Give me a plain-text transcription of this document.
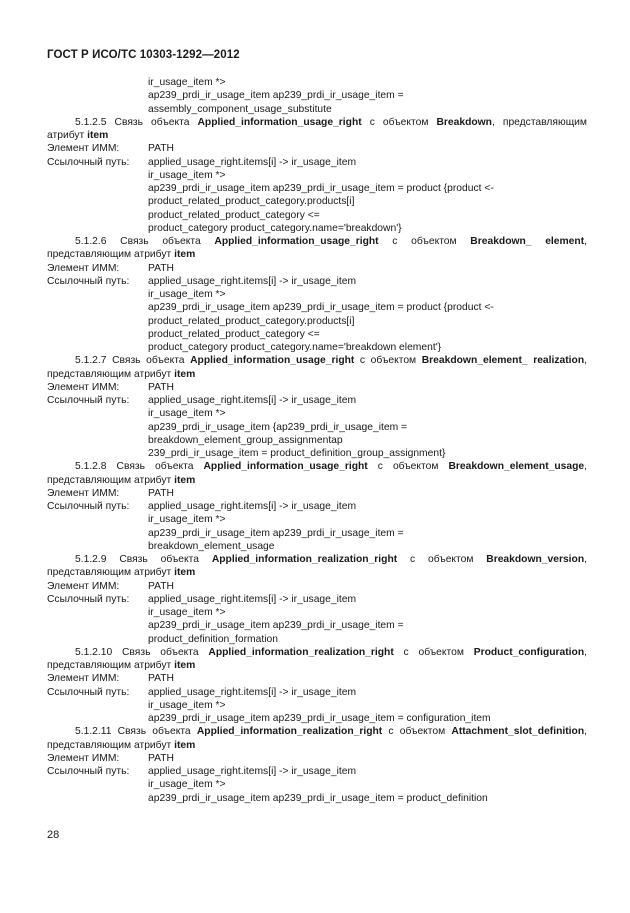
ГОСТ Р ИСО/ТС 10303-1292—2012
ir_usage_item *>
ap239_prdi_ir_usage_item ap239_prdi_ir_usage_item =
assembly_component_usage_substitute
5.1.2.5 Связь объекта Applied_information_usage_right с объектом Breakdown, представляющим атрибут item
Элемент ИММ:	PATH
Ссылочный путь:	applied_usage_right.items[i] -> ir_usage_item
ir_usage_item *>
ap239_prdi_ir_usage_item ap239_prdi_ir_usage_item = product {product <-
product_related_product_category.products[i]
product_related_product_category <=
product_category product_category.name='breakdown'}
5.1.2.6 Связь объекта Applied_information_usage_right с объектом Breakdown_ element, представляющим атрибут item
Элемент ИММ:	PATH
Ссылочный путь:	applied_usage_right.items[i] -> ir_usage_item
ir_usage_item *>
ap239_prdi_ir_usage_item ap239_prdi_ir_usage_item = product {product <-
product_related_product_category.products[i]
product_related_product_category <=
product_category product_category.name='breakdown element'}
5.1.2.7 Связь объекта Applied_information_usage_right с объектом Breakdown_element_ realization, представляющим атрибут item
Элемент ИММ:	PATH
Ссылочный путь:	applied_usage_right.items[i] -> ir_usage_item
ir_usage_item *>
ap239_prdi_ir_usage_item {ap239_prdi_ir_usage_item =
breakdown_element_group_assignmentap
239_prdi_ir_usage_item = product_definition_group_assignment}
5.1.2.8 Связь объекта Applied_information_usage_right с объектом Breakdown_element_usage, представляющим атрибут item
Элемент ИММ:	PATH
Ссылочный путь:	applied_usage_right.items[i] -> ir_usage_item
ir_usage_item *>
ap239_prdi_ir_usage_item ap239_prdi_ir_usage_item =
breakdown_element_usage
5.1.2.9 Связь объекта Applied_information_realization_right с объектом Breakdown_version, представляющим атрибут item
Элемент ИММ:	PATH
Ссылочный путь:	applied_usage_right.items[i] -> ir_usage_item
ir_usage_item *>
ap239_prdi_ir_usage_item ap239_prdi_ir_usage_item =
product_definition_formation
5.1.2.10 Связь объекта Applied_information_realization_right с объектом Product_configuration, представляющим атрибут item
Элемент ИММ:	PATH
Ссылочный путь:	applied_usage_right.items[i] -> ir_usage_item
ir_usage_item *>
ap239_prdi_ir_usage_item ap239_prdi_ir_usage_item = configuration_item
5.1.2.11 Связь объекта Applied_information_realization_right с объектом Attachment_slot_definition, представляющим атрибут item
Элемент ИММ:	PATH
Ссылочный путь:	applied_usage_right.items[i] -> ir_usage_item
ir_usage_item *>
ap239_prdi_ir_usage_item ap239_prdi_ir_usage_item = product_definition
28
